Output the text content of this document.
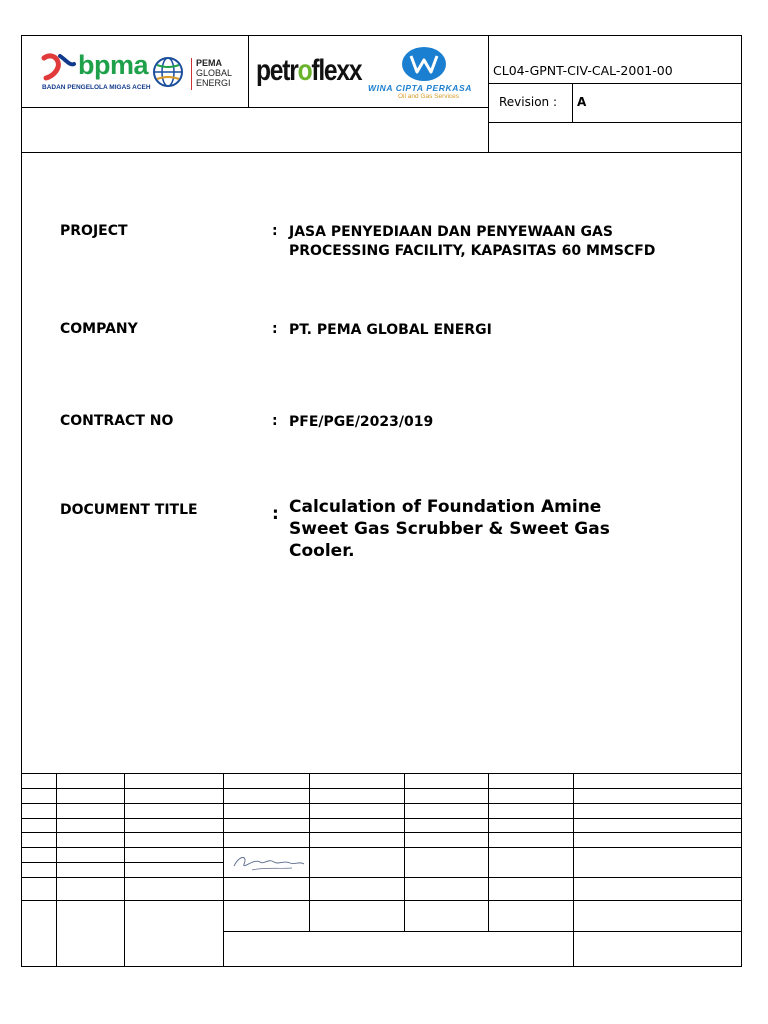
bpma
BADAN PENGELOLA MIGAS ACEH
PEMA
GLOBAL
ENERGI petroflexx
WINA CIPTA PERKASA
Oil and Gas Services
CL04-GPNT-CIV-CAL-2001-00
Revision : A
PROJECT	: JASA PENYEDIAAN DAN PENYEWAAN GAS PROCESSING FACILITY, KAPASITAS 60 MMSCFD
COMPANY	: PT. PEMA GLOBAL ENERGI
CONTRACT NO	: PFE/PGE/2023/019
DOCUMENT TITLE	: Calculation of Foundation Amine Sweet Gas Scrubber & Sweet Gas Cooler.
